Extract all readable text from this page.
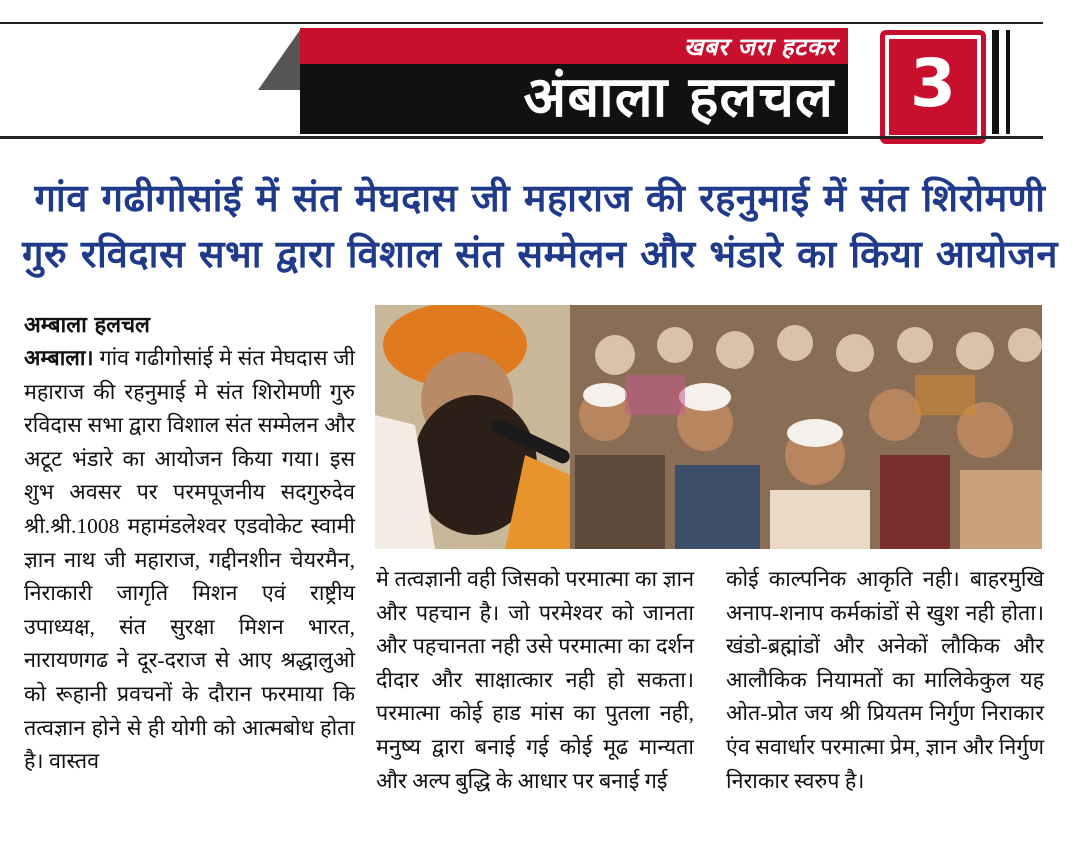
खबर जरा हटकर
अंबाला हलचल	3
गांव गढीगोसांई में संत मेघदास जी महाराज की रहनुमाई में संत शिरोमणी
गुरु रविदास सभा द्वारा विशाल संत सम्मेलन और भंडारे का किया आयोजन
अम्बाला हलचल

अम्बाला। गांव गढीगोसांई मे संत मेघदास जी महाराज की रहनुमाई मे संत शिरोमणी गुरु रविदास सभा द्वारा विशाल संत सम्मेलन और अटूट भंडारे का आयोजन किया गया। इस शुभ अवसर पर परमपूजनीय सदगुरुदेव श्री.श्री.1008 महामंडलेश्वर एडवोकेट स्वामी ज्ञान नाथ जी महाराज, गद्दीनशीन चेयरमैन, निराकारी जागृति मिशन एवं राष्ट्रीय उपाध्यक्ष, संत सुरक्षा मिशन भारत, नारायणगढ ने दूर-दराज से आए श्रद्धालुओ को रूहानी प्रवचनों के दौरान फरमाया कि तत्वज्ञान होने से ही योगी को आत्मबोध होता है। वास्तव

मे तत्वज्ञानी वही जिसको परमात्मा का ज्ञान और पहचान है। जो परमेश्वर को जानता और पहचानता नही उसे परमात्मा का दर्शन दीदार और साक्षात्कार नही हो सकता। परमात्मा कोई हाड मांस का पुतला नही, मनुष्य द्वारा बनाई गई कोई मूढ मान्यता और अल्प बुद्धि के आधार पर बनाई गई

कोई काल्पनिक आकृति नही। बाहरमुखि अनाप-शनाप कर्मकांडों से खुश नही होता। खंडो-ब्रह्मांडों और अनेकों लौकिक और आलौकिक नियामतों का मालिकेकुल यह ओत-प्रोत जय श्री प्रियतम निर्गुण निराकार एंव सवार्धार परमात्मा प्रेम, ज्ञान और निर्गुण निराकार स्वरुप है।
